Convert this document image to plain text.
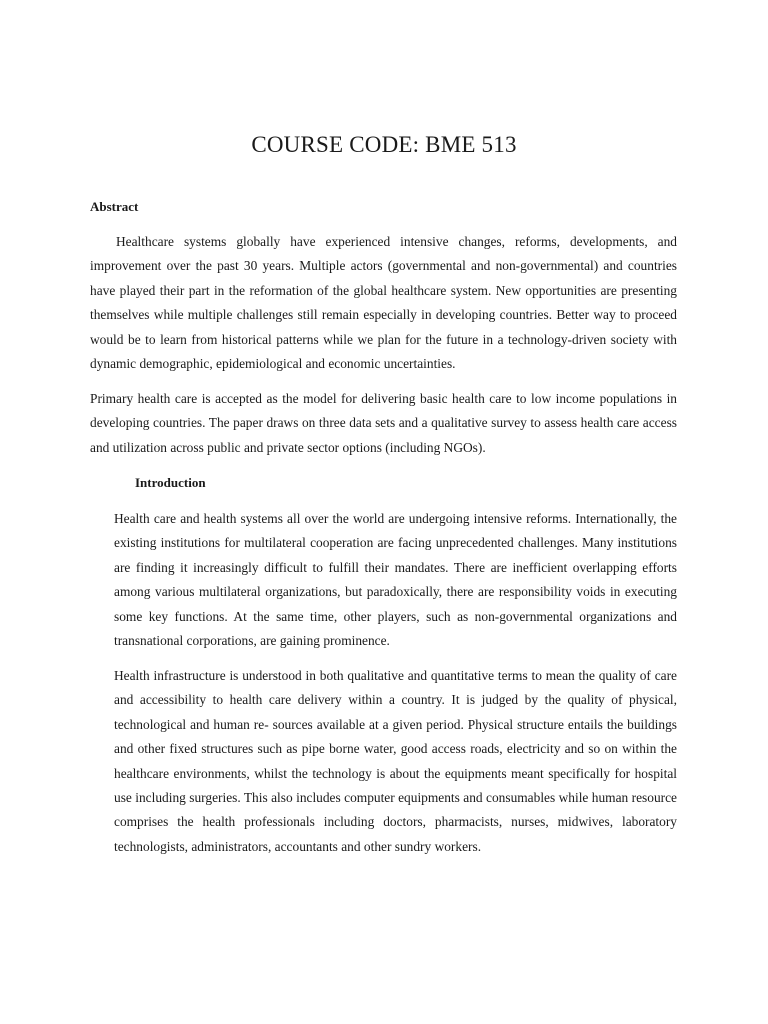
COURSE CODE: BME 513
Abstract

Healthcare systems globally have experienced intensive changes, reforms, developments, and improvement over the past 30 years. Multiple actors (governmental and non-governmental) and countries have played their part in the reformation of the global healthcare system. New opportunities are presenting themselves while multiple challenges still remain especially in developing countries. Better way to proceed would be to learn from historical patterns while we plan for the future in a technology-driven society with dynamic demographic, epidemiological and economic uncertainties.

Primary health care is accepted as the model for delivering basic health care to low income populations in developing countries. The paper draws on three data sets and a qualitative survey to assess health care access and utilization across public and private sector options (including NGOs).

Introduction

Health care and health systems all over the world are undergoing intensive reforms. Internationally, the existing institutions for multilateral cooperation are facing unprecedented challenges. Many institutions are finding it increasingly difficult to fulfill their mandates. There are inefficient overlapping efforts among various multilateral organizations, but paradoxically, there are responsibility voids in executing some key functions. At the same time, other players, such as non-governmental organizations and transnational corporations, are gaining prominence.

Health infrastructure is understood in both qualitative and quantitative terms to mean the quality of care and accessibility to health care delivery within a country. It is judged by the quality of physical, technological and human re- sources available at a given period. Physical structure entails the buildings and other fixed structures such as pipe borne water, good access roads, electricity and so on within the healthcare environments, whilst the technology is about the equipments meant specifically for hospital use including surgeries. This also includes computer equipments and consumables while human resource comprises the health professionals including doctors, pharmacists, nurses, midwives, laboratory technologists, administrators, accountants and other sundry workers.
